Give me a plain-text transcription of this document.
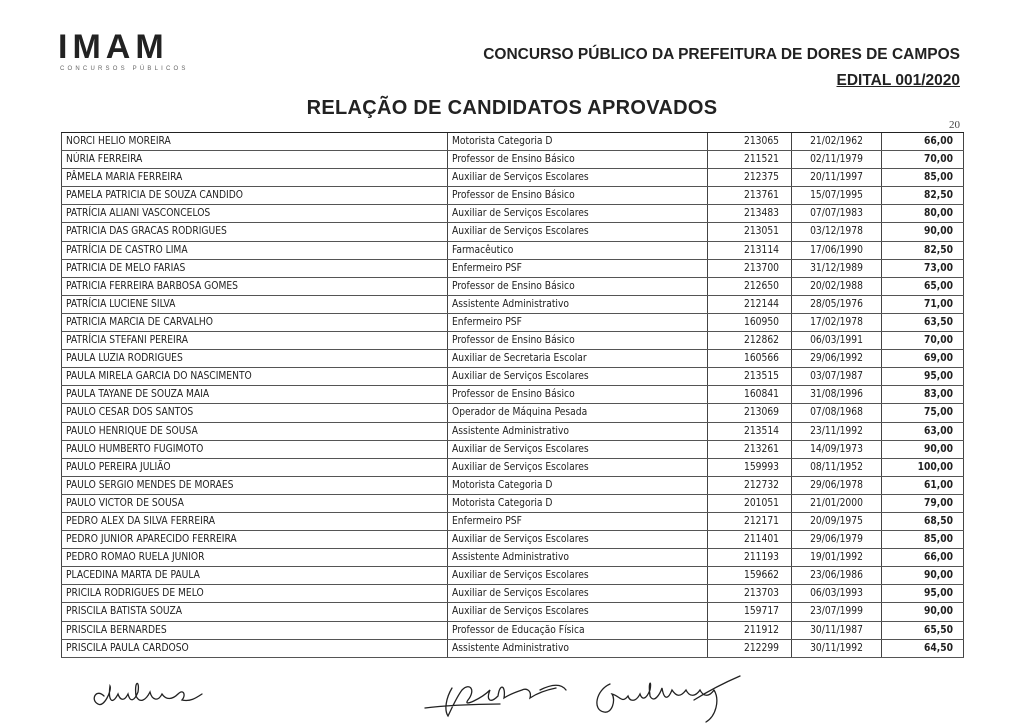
IMAM
CONCURSOS PÚBLICOS
CONCURSO PÚBLICO DA PREFEITURA DE DORES DE CAMPOS
EDITAL 001/2020
RELAÇÃO DE CANDIDATOS APROVADOS
20
NORCI HELIO MOREIRA	Motorista Categoria D	213065	21/02/1962	66,00
NÚRIA FERREIRA	Professor de Ensino Básico	211521	02/11/1979	70,00
PÂMELA MARIA FERREIRA	Auxiliar de Serviços Escolares	212375	20/11/1997	85,00
PAMELA PATRICIA DE SOUZA CANDIDO	Professor de Ensino Básico	213761	15/07/1995	82,50
PATRÍCIA ALIANI VASCONCELOS	Auxiliar de Serviços Escolares	213483	07/07/1983	80,00
PATRICIA DAS GRACAS RODRIGUES	Auxiliar de Serviços Escolares	213051	03/12/1978	90,00
PATRÍCIA DE CASTRO LIMA	Farmacêutico	213114	17/06/1990	82,50
PATRICIA DE MELO FARIAS	Enfermeiro PSF	213700	31/12/1989	73,00
PATRICIA FERREIRA BARBOSA GOMES	Professor de Ensino Básico	212650	20/02/1988	65,00
PATRÍCIA LUCIENE SILVA	Assistente Administrativo	212144	28/05/1976	71,00
PATRICIA MARCIA DE CARVALHO	Enfermeiro PSF	160950	17/02/1978	63,50
PATRÍCIA STEFANI PEREIRA	Professor de Ensino Básico	212862	06/03/1991	70,00
PAULA LUZIA RODRIGUES	Auxiliar de Secretaria Escolar	160566	29/06/1992	69,00
PAULA MIRELA GARCIA DO NASCIMENTO	Auxiliar de Serviços Escolares	213515	03/07/1987	95,00
PAULA TAYANE DE SOUZA MAIA	Professor de Ensino Básico	160841	31/08/1996	83,00
PAULO CESAR DOS SANTOS	Operador de Máquina Pesada	213069	07/08/1968	75,00
PAULO HENRIQUE DE SOUSA	Assistente Administrativo	213514	23/11/1992	63,00
PAULO HUMBERTO FUGIMOTO	Auxiliar de Serviços Escolares	213261	14/09/1973	90,00
PAULO PEREIRA JULIÃO	Auxiliar de Serviços Escolares	159993	08/11/1952	100,00
PAULO SERGIO MENDES DE MORAES	Motorista Categoria D	212732	29/06/1978	61,00
PAULO VICTOR DE SOUSA	Motorista Categoria D	201051	21/01/2000	79,00
PEDRO ALEX DA SILVA FERREIRA	Enfermeiro PSF	212171	20/09/1975	68,50
PEDRO JUNIOR APARECIDO FERREIRA	Auxiliar de Serviços Escolares	211401	29/06/1979	85,00
PEDRO ROMAO RUELA JUNIOR	Assistente Administrativo	211193	19/01/1992	66,00
PLACEDINA MARTA DE PAULA	Auxiliar de Serviços Escolares	159662	23/06/1986	90,00
PRICILA RODRIGUES DE MELO	Auxiliar de Serviços Escolares	213703	06/03/1993	95,00
PRISCILA BATISTA SOUZA	Auxiliar de Serviços Escolares	159717	23/07/1999	90,00
PRISCILA BERNARDES	Professor de Educação Física	211912	30/11/1987	65,50
PRISCILA PAULA CARDOSO	Assistente Administrativo	212299	30/11/1992	64,50
